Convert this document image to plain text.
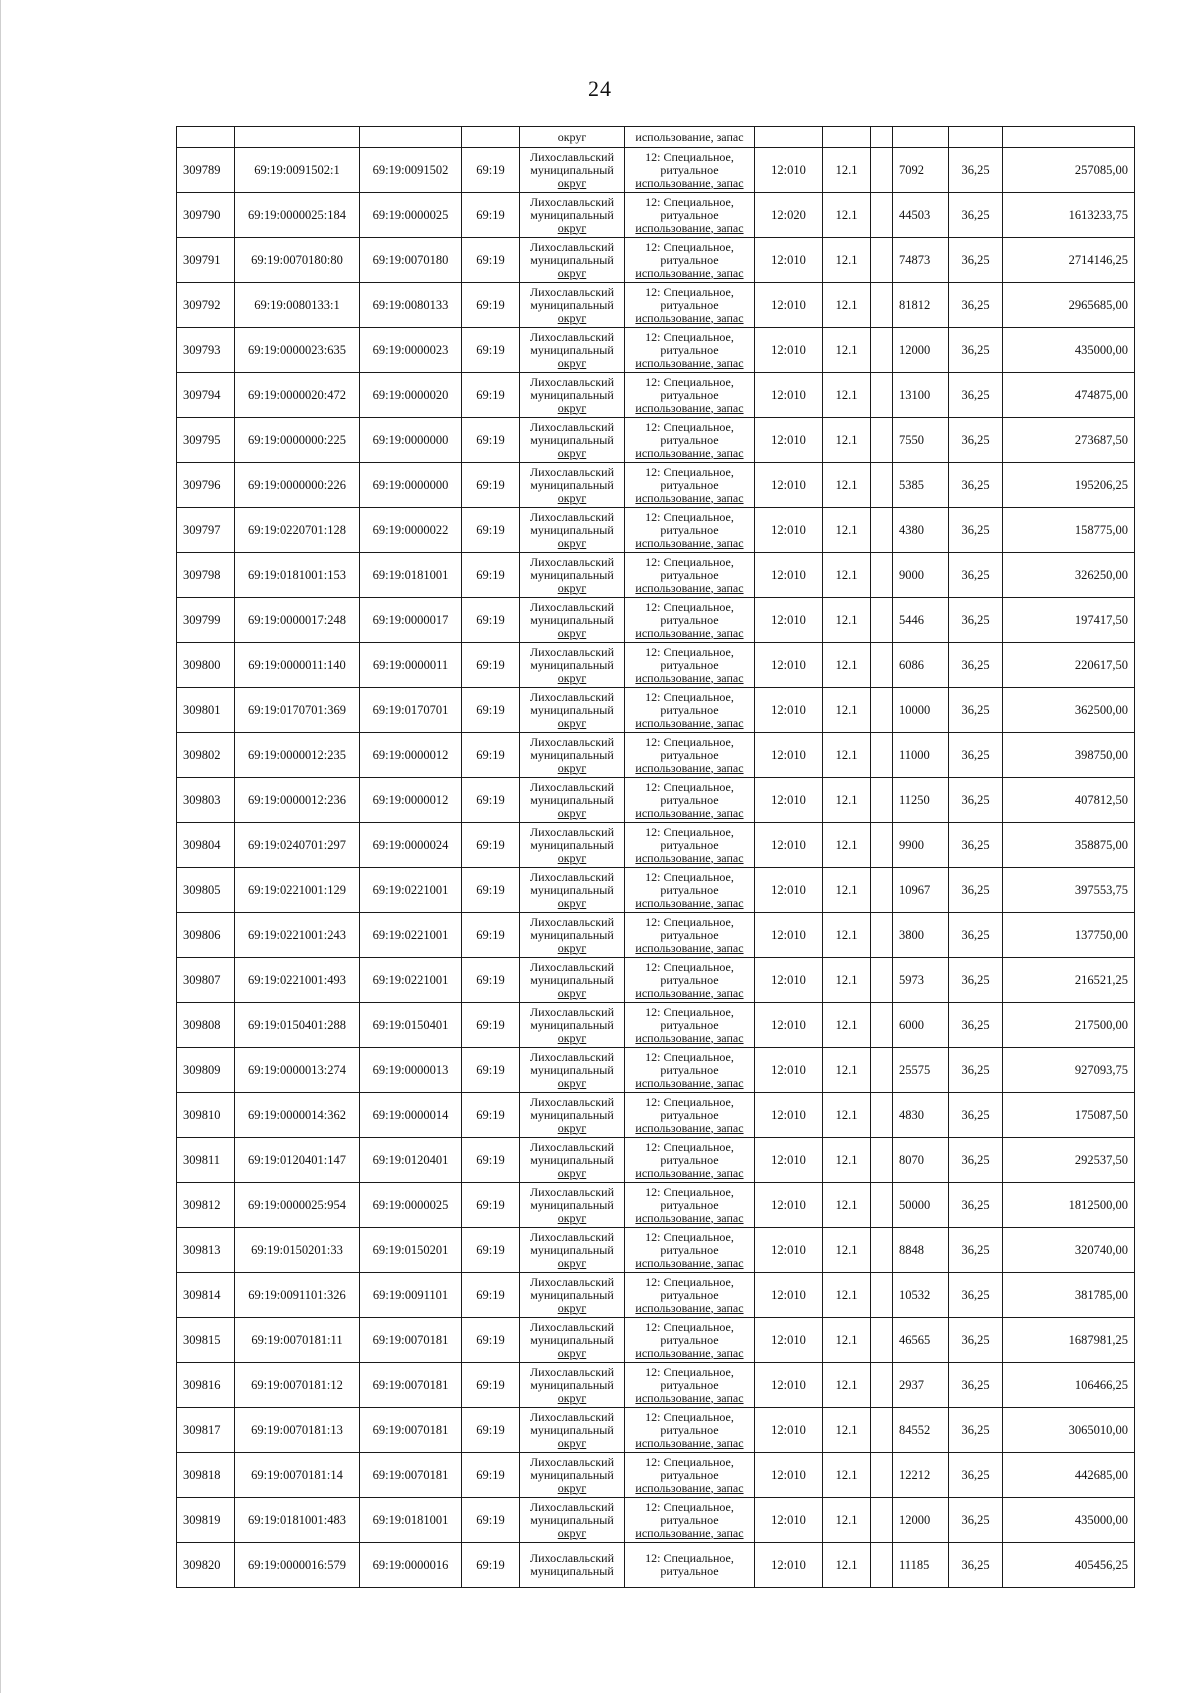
24
				округ	использование, запас						
309789	69:19:0091502:1	69:19:0091502	69:19	Лихославльский
муниципальный
округ	12: Специальное,
ритуальное
использование, запас	12:010	12.1		7092	36,25	257085,00
309790	69:19:0000025:184	69:19:0000025	69:19	Лихославльский
муниципальный
округ	12: Специальное,
ритуальное
использование, запас	12:020	12.1		44503	36,25	1613233,75
309791	69:19:0070180:80	69:19:0070180	69:19	Лихославльский
муниципальный
округ	12: Специальное,
ритуальное
использование, запас	12:010	12.1		74873	36,25	2714146,25
309792	69:19:0080133:1	69:19:0080133	69:19	Лихославльский
муниципальный
округ	12: Специальное,
ритуальное
использование, запас	12:010	12.1		81812	36,25	2965685,00
309793	69:19:0000023:635	69:19:0000023	69:19	Лихославльский
муниципальный
округ	12: Специальное,
ритуальное
использование, запас	12:010	12.1		12000	36,25	435000,00
309794	69:19:0000020:472	69:19:0000020	69:19	Лихославльский
муниципальный
округ	12: Специальное,
ритуальное
использование, запас	12:010	12.1		13100	36,25	474875,00
309795	69:19:0000000:225	69:19:0000000	69:19	Лихославльский
муниципальный
округ	12: Специальное,
ритуальное
использование, запас	12:010	12.1		7550	36,25	273687,50
309796	69:19:0000000:226	69:19:0000000	69:19	Лихославльский
муниципальный
округ	12: Специальное,
ритуальное
использование, запас	12:010	12.1		5385	36,25	195206,25
309797	69:19:0220701:128	69:19:0000022	69:19	Лихославльский
муниципальный
округ	12: Специальное,
ритуальное
использование, запас	12:010	12.1		4380	36,25	158775,00
309798	69:19:0181001:153	69:19:0181001	69:19	Лихославльский
муниципальный
округ	12: Специальное,
ритуальное
использование, запас	12:010	12.1		9000	36,25	326250,00
309799	69:19:0000017:248	69:19:0000017	69:19	Лихославльский
муниципальный
округ	12: Специальное,
ритуальное
использование, запас	12:010	12.1		5446	36,25	197417,50
309800	69:19:0000011:140	69:19:0000011	69:19	Лихославльский
муниципальный
округ	12: Специальное,
ритуальное
использование, запас	12:010	12.1		6086	36,25	220617,50
309801	69:19:0170701:369	69:19:0170701	69:19	Лихославльский
муниципальный
округ	12: Специальное,
ритуальное
использование, запас	12:010	12.1		10000	36,25	362500,00
309802	69:19:0000012:235	69:19:0000012	69:19	Лихославльский
муниципальный
округ	12: Специальное,
ритуальное
использование, запас	12:010	12.1		11000	36,25	398750,00
309803	69:19:0000012:236	69:19:0000012	69:19	Лихославльский
муниципальный
округ	12: Специальное,
ритуальное
использование, запас	12:010	12.1		11250	36,25	407812,50
309804	69:19:0240701:297	69:19:0000024	69:19	Лихославльский
муниципальный
округ	12: Специальное,
ритуальное
использование, запас	12:010	12.1		9900	36,25	358875,00
309805	69:19:0221001:129	69:19:0221001	69:19	Лихославльский
муниципальный
округ	12: Специальное,
ритуальное
использование, запас	12:010	12.1		10967	36,25	397553,75
309806	69:19:0221001:243	69:19:0221001	69:19	Лихославльский
муниципальный
округ	12: Специальное,
ритуальное
использование, запас	12:010	12.1		3800	36,25	137750,00
309807	69:19:0221001:493	69:19:0221001	69:19	Лихославльский
муниципальный
округ	12: Специальное,
ритуальное
использование, запас	12:010	12.1		5973	36,25	216521,25
309808	69:19:0150401:288	69:19:0150401	69:19	Лихославльский
муниципальный
округ	12: Специальное,
ритуальное
использование, запас	12:010	12.1		6000	36,25	217500,00
309809	69:19:0000013:274	69:19:0000013	69:19	Лихославльский
муниципальный
округ	12: Специальное,
ритуальное
использование, запас	12:010	12.1		25575	36,25	927093,75
309810	69:19:0000014:362	69:19:0000014	69:19	Лихославльский
муниципальный
округ	12: Специальное,
ритуальное
использование, запас	12:010	12.1		4830	36,25	175087,50
309811	69:19:0120401:147	69:19:0120401	69:19	Лихославльский
муниципальный
округ	12: Специальное,
ритуальное
использование, запас	12:010	12.1		8070	36,25	292537,50
309812	69:19:0000025:954	69:19:0000025	69:19	Лихославльский
муниципальный
округ	12: Специальное,
ритуальное
использование, запас	12:010	12.1		50000	36,25	1812500,00
309813	69:19:0150201:33	69:19:0150201	69:19	Лихославльский
муниципальный
округ	12: Специальное,
ритуальное
использование, запас	12:010	12.1		8848	36,25	320740,00
309814	69:19:0091101:326	69:19:0091101	69:19	Лихославльский
муниципальный
округ	12: Специальное,
ритуальное
использование, запас	12:010	12.1		10532	36,25	381785,00
309815	69:19:0070181:11	69:19:0070181	69:19	Лихославльский
муниципальный
округ	12: Специальное,
ритуальное
использование, запас	12:010	12.1		46565	36,25	1687981,25
309816	69:19:0070181:12	69:19:0070181	69:19	Лихославльский
муниципальный
округ	12: Специальное,
ритуальное
использование, запас	12:010	12.1		2937	36,25	106466,25
309817	69:19:0070181:13	69:19:0070181	69:19	Лихославльский
муниципальный
округ	12: Специальное,
ритуальное
использование, запас	12:010	12.1		84552	36,25	3065010,00
309818	69:19:0070181:14	69:19:0070181	69:19	Лихославльский
муниципальный
округ	12: Специальное,
ритуальное
использование, запас	12:010	12.1		12212	36,25	442685,00
309819	69:19:0181001:483	69:19:0181001	69:19	Лихославльский
муниципальный
округ	12: Специальное,
ритуальное
использование, запас	12:010	12.1		12000	36,25	435000,00
309820	69:19:0000016:579	69:19:0000016	69:19	Лихославльский
муниципальный	12: Специальное,
ритуальное	12:010	12.1		11185	36,25	405456,25
